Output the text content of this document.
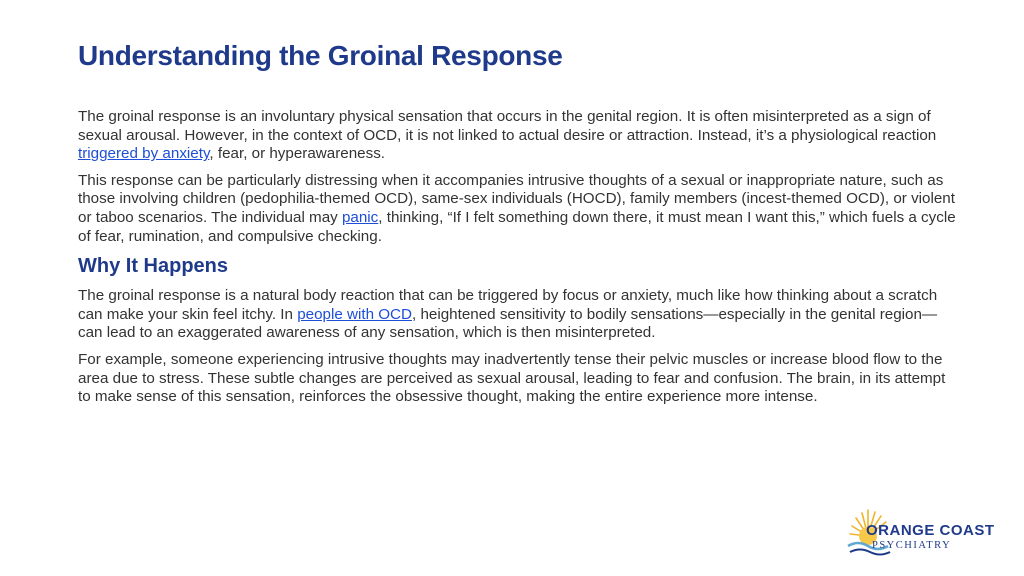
Understanding the Groinal Response

The groinal response is an involuntary physical sensation that occurs in the genital region. It is often misinterpreted as a sign of sexual arousal. However, in the context of OCD, it is not linked to actual desire or attraction. Instead, it’s a physiological reaction triggered by anxiety, fear, or hyperawareness.

This response can be particularly distressing when it accompanies intrusive thoughts of a sexual or inappropriate nature, such as those involving children (pedophilia-themed OCD), same-sex individuals (HOCD), family members (incest-themed OCD), or violent or taboo scenarios. The individual may panic, thinking, “If I felt something down there, it must mean I want this,” which fuels a cycle of fear, rumination, and compulsive checking.

Why It Happens

The groinal response is a natural body reaction that can be triggered by focus or anxiety, much like how thinking about a scratch can make your skin feel itchy. In people with OCD, heightened sensitivity to bodily sensations—especially in the genital region—can lead to an exaggerated awareness of any sensation, which is then misinterpreted.

For example, someone experiencing intrusive thoughts may inadvertently tense their pelvic muscles or increase blood flow to the area due to stress. These subtle changes are perceived as sexual arousal, leading to fear and confusion. The brain, in its attempt to make sense of this sensation, reinforces the obsessive thought, making the entire experience more intense.

ORANGE COAST
PSYCHIATRY
